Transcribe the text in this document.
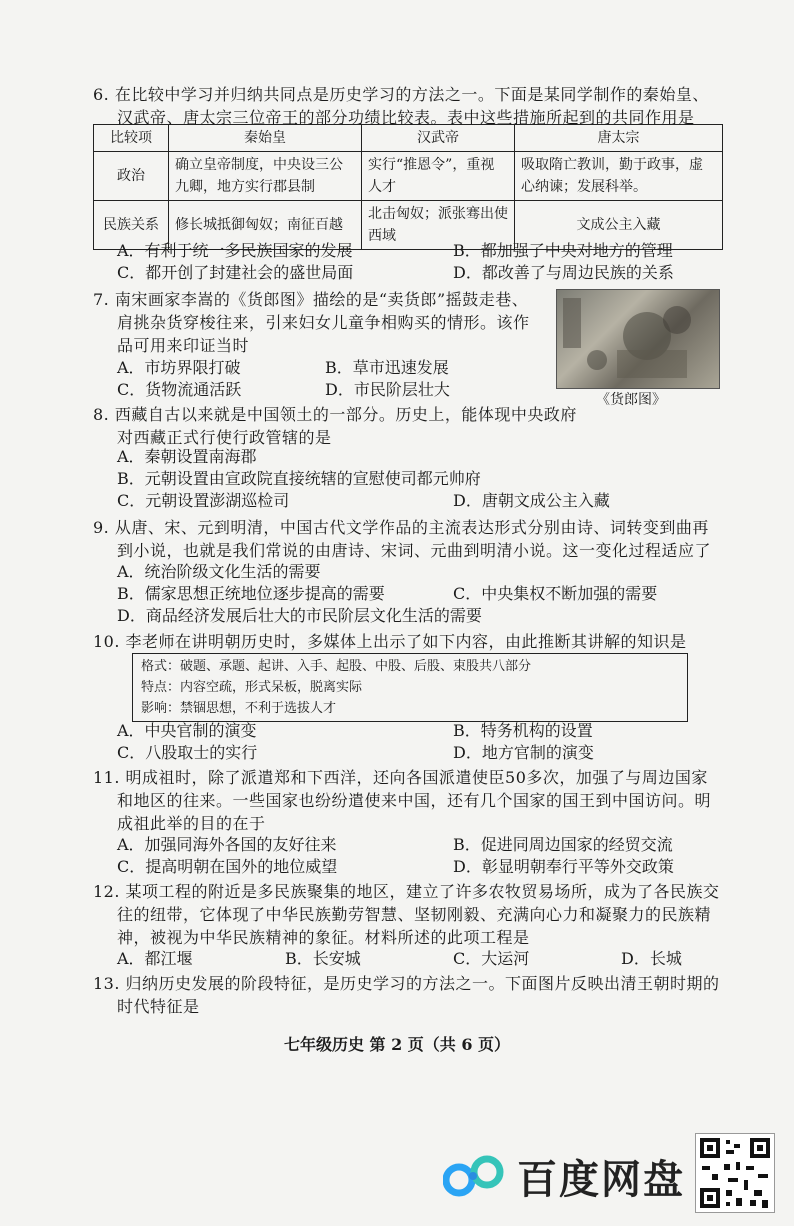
6. 在比较中学习并归纳共同点是历史学习的方法之一。下面是某同学制作的秦始皇、
汉武帝、唐太宗三位帝王的部分功绩比较表。表中这些措施所起到的共同作用是
比较项	秦始皇	汉武帝	唐太宗
政治	确立皇帝制度，中央设三公九卿，地方实行郡县制	实行“推恩令”，重视人才	吸取隋亡教训，勤于政事，虚心纳谏；发展科举。
民族关系	修长城抵御匈奴；南征百越	北击匈奴；派张骞出使西域	文成公主入藏
A．有利于统一多民族国家的发展	B．都加强了中央对地方的管理
C．都开创了封建社会的盛世局面	D．都改善了与周边民族的关系
7. 南宋画家李嵩的《货郎图》描绘的是“卖货郎”摇鼓走巷、
肩挑杂货穿梭往来，引来妇女儿童争相购买的情形。该作
品可用来印证当时
A．市坊界限打破	B．草市迅速发展
C．货物流通活跃	D．市民阶层壮大
《货郎图》
8. 西藏自古以来就是中国领土的一部分。历史上，能体现中央政府
对西藏正式行使行政管辖的是
A．秦朝设置南海郡
B．元朝设置由宣政院直接统辖的宣慰使司都元帅府
C．元朝设置澎湖巡检司	D．唐朝文成公主入藏
9. 从唐、宋、元到明清，中国古代文学作品的主流表达形式分别由诗、词转变到曲再
到小说，也就是我们常说的由唐诗、宋词、元曲到明清小说。这一变化过程适应了
A．统治阶级文化生活的需要
B．儒家思想正统地位逐步提高的需要	C．中央集权不断加强的需要
D．商品经济发展后壮大的市民阶层文化生活的需要
10. 李老师在讲明朝历史时，多媒体上出示了如下内容，由此推断其讲解的知识是
格式：破题、承题、起讲、入手、起股、中股、后股、束股共八部分
特点：内容空疏，形式呆板，脱离实际
影响：禁锢思想，不利于选拔人才
A．中央官制的演变	B．特务机构的设置
C．八股取士的实行	D．地方官制的演变
11. 明成祖时，除了派遣郑和下西洋，还向各国派遣使臣50多次，加强了与周边国家
和地区的往来。一些国家也纷纷遣使来中国，还有几个国家的国王到中国访问。明
成祖此举的目的在于
A．加强同海外各国的友好往来	B．促进同周边国家的经贸交流
C．提高明朝在国外的地位威望	D．彰显明朝奉行平等外交政策
12. 某项工程的附近是多民族聚集的地区，建立了许多农牧贸易场所，成为了各民族交
往的纽带，它体现了中华民族勤劳智慧、坚韧刚毅、充满向心力和凝聚力的民族精
神，被视为中华民族精神的象征。材料所述的此项工程是
A．都江堰	B．长安城	C．大运河	D．长城
13. 归纳历史发展的阶段特征，是历史学习的方法之一。下面图片反映出清王朝时期的
时代特征是
七年级历史 第 2 页（共 6 页）
百度网盘
